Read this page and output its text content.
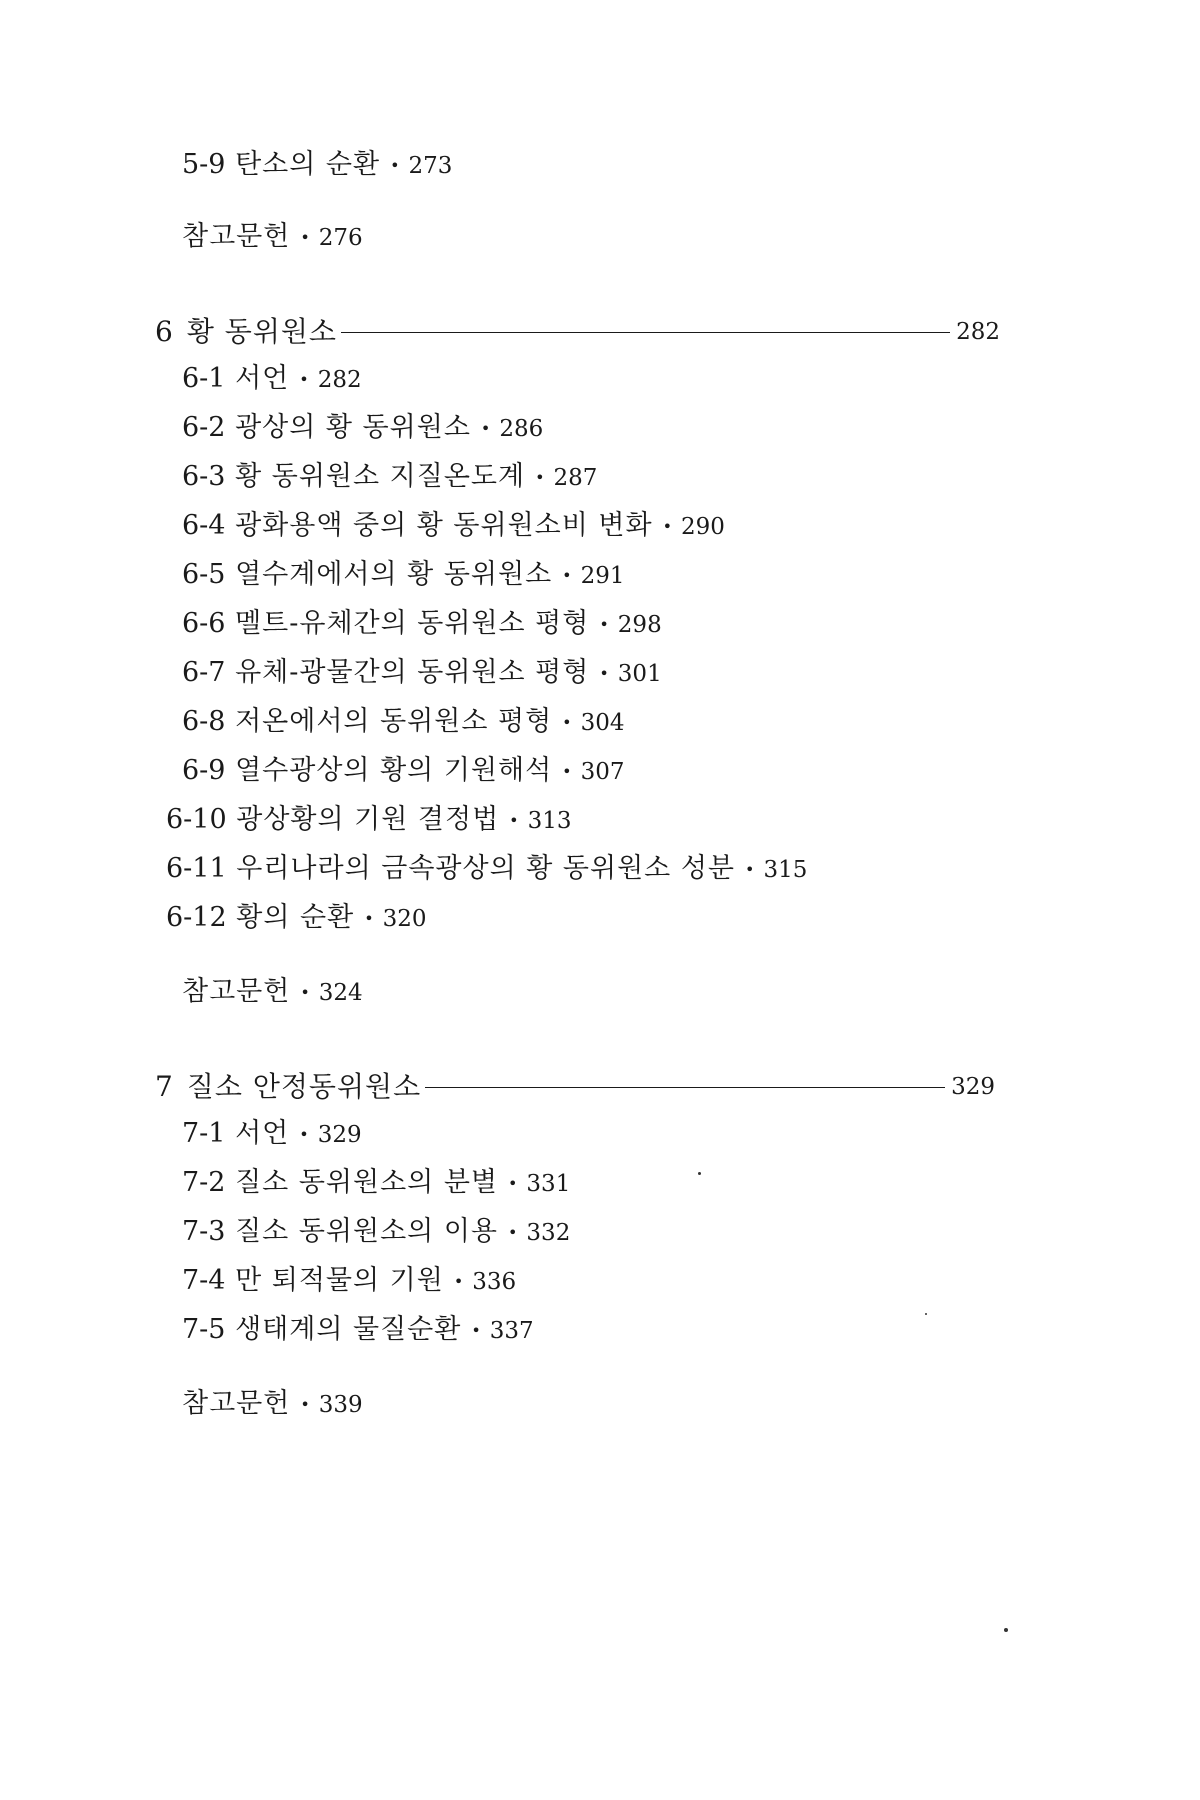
5-9 탄소의 순환 • 273
참고문헌 • 276
6 황 동위원소	282
6-1 서언 • 282
6-2 광상의 황 동위원소 • 286
6-3 황 동위원소 지질온도계 • 287
6-4 광화용액 중의 황 동위원소비 변화 • 290
6-5 열수계에서의 황 동위원소 • 291
6-6 멜트-유체간의 동위원소 평형 • 298
6-7 유체-광물간의 동위원소 평형 • 301
6-8 저온에서의 동위원소 평형 • 304
6-9 열수광상의 황의 기원해석 • 307
6-10 광상황의 기원 결정법 • 313
6-11 우리나라의 금속광상의 황 동위원소 성분 • 315
6-12 황의 순환 • 320
참고문헌 • 324
7 질소 안정동위원소	329
7-1 서언 • 329
7-2 질소 동위원소의 분별 • 331
7-3 질소 동위원소의 이용 • 332
7-4 만 퇴적물의 기원 • 336
7-5 생태계의 물질순환 • 337
참고문헌 • 339
